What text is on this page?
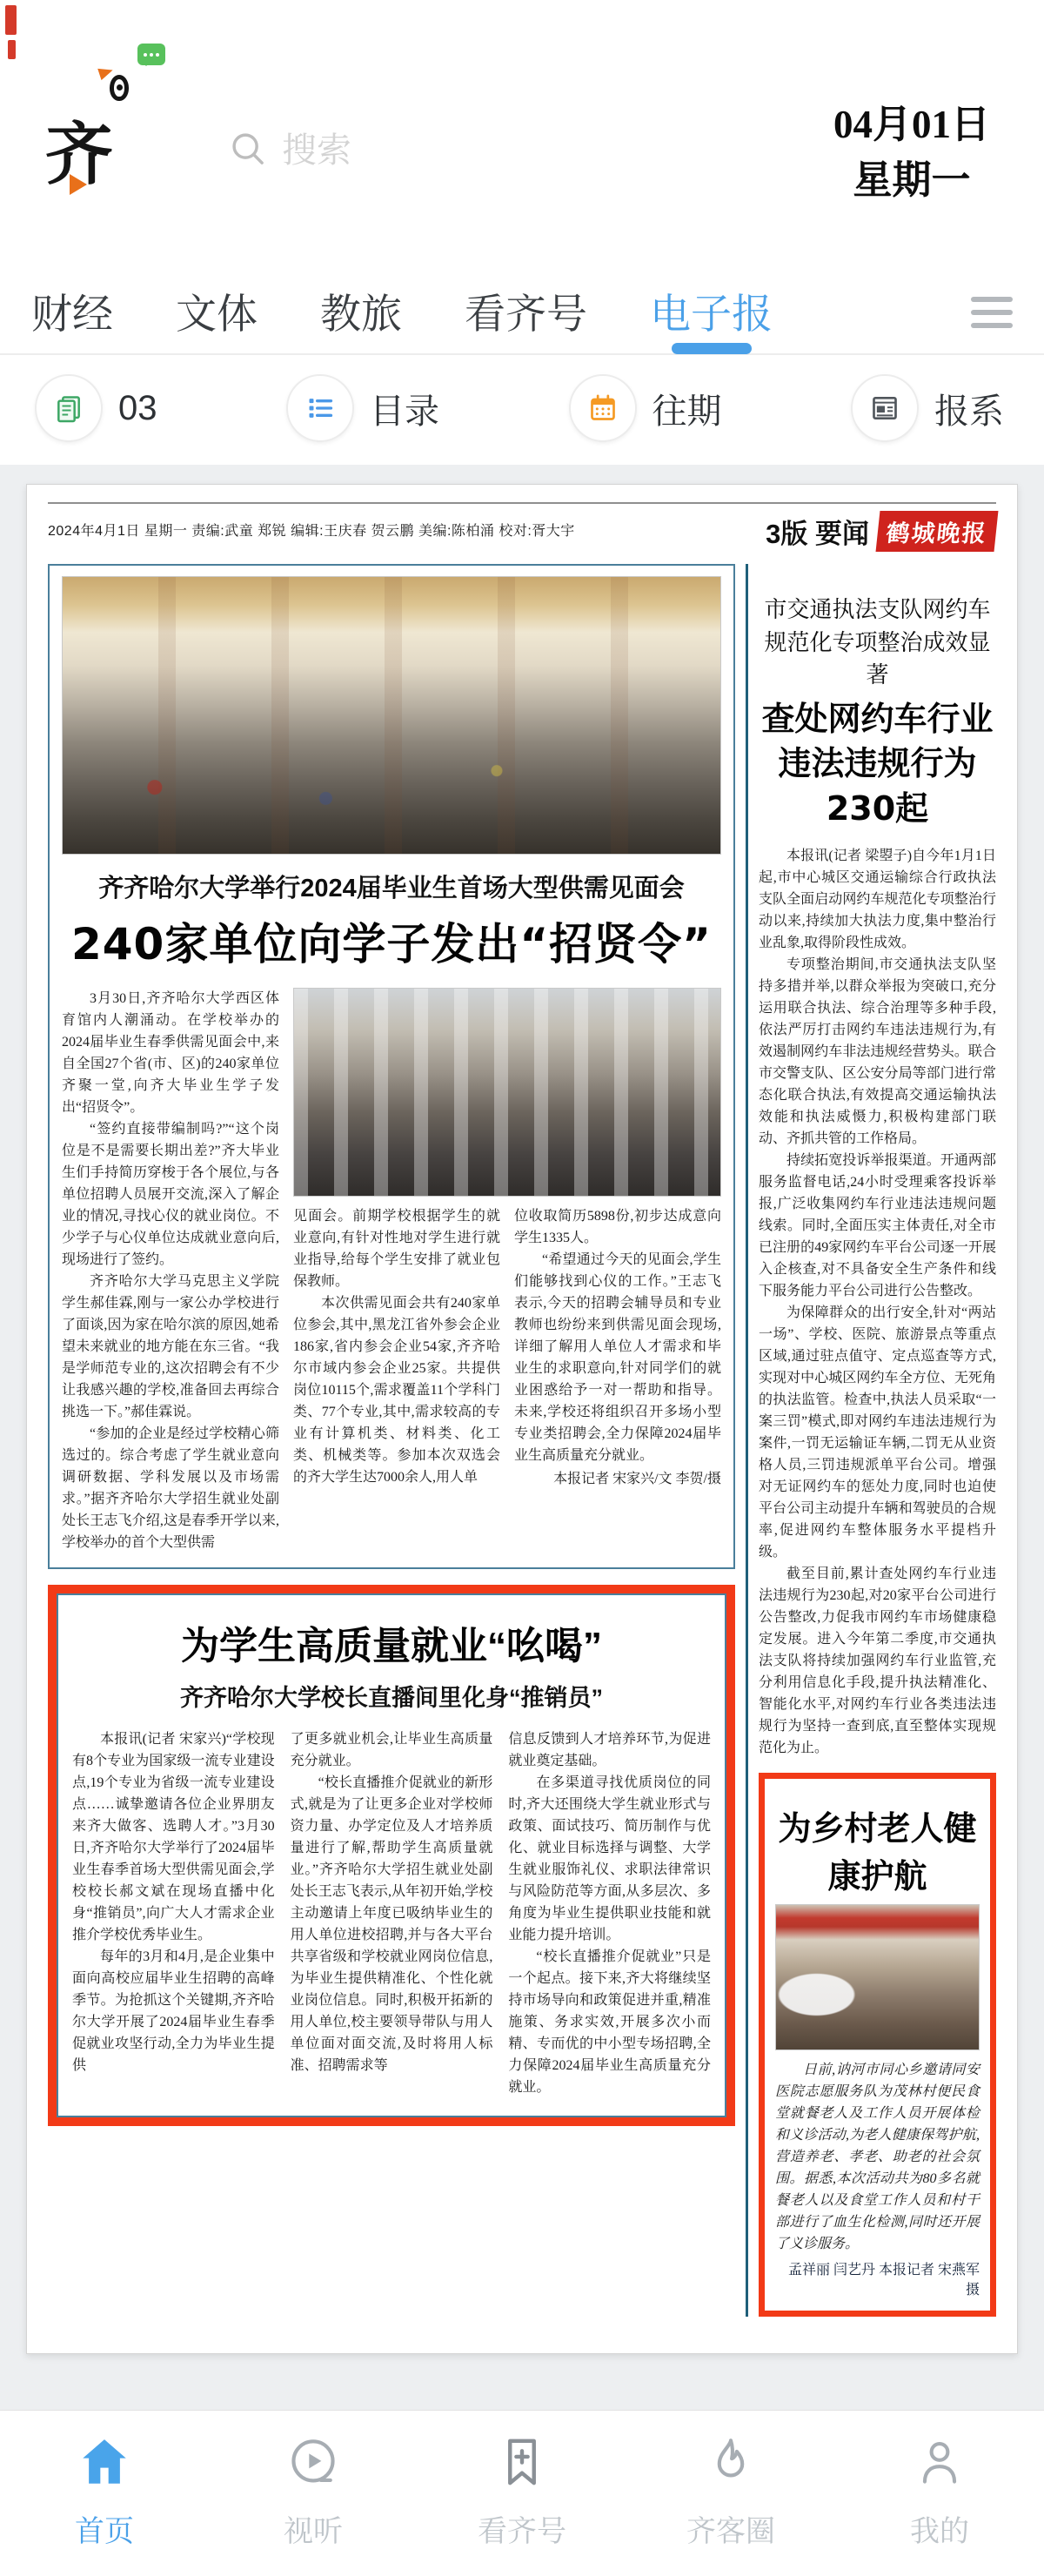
齐
搜索	04月01日
星期一
财经 文体 教旅 看齐号 电子报
03	目录	往期	报系
2024年4月1日 星期一 责编:武童 郑锐 编辑:王庆春 贺云鹏 美编:陈柏涌 校对:胥大宇	3版 要闻 鹤城晚报
齐齐哈尔大学举行2024届毕业生首场大型供需见面会
240家单位向学子发出“招贤令”

3月30日,齐齐哈尔大学西区体育馆内人潮涌动。在学校举办的2024届毕业生春季供需见面会中,来自全国27个省(市、区)的240家单位齐聚一堂,向齐大毕业生学子发出“招贤令”。

“签约直接带编制吗?”“这个岗位是不是需要长期出差?”齐大毕业生们手持简历穿梭于各个展位,与各单位招聘人员展开交流,深入了解企业的情况,寻找心仪的就业岗位。不少学子与心仪单位达成就业意向后,现场进行了签约。

齐齐哈尔大学马克思主义学院学生郝佳霖,刚与一家公办学校进行了面谈,因为家在哈尔滨的原因,她希望未来就业的地方能在东三省。“我是学师范专业的,这次招聘会有不少让我感兴趣的学校,准备回去再综合挑选一下。”郝佳霖说。

“参加的企业是经过学校精心筛选过的。综合考虑了学生就业意向调研数据、学科发展以及市场需求。”据齐齐哈尔大学招生就业处副处长王志飞介绍,这是春季开学以来,学校举办的首个大型供需

见面会。前期学校根据学生的就业意向,有针对性地对学生进行就业指导,给每个学生安排了就业包保教师。

本次供需见面会共有240家单位参会,其中,黑龙江省外参会企业186家,省内参会企业54家,齐齐哈尔市域内参会企业25家。共提供岗位10115个,需求覆盖11个学科门类、77个专业,其中,需求较高的专业有计算机类、材料类、化工类、机械类等。参加本次双选会的齐大学生达7000余人,用人单

位收取简历5898份,初步达成意向学生1335人。

“希望通过今天的见面会,学生们能够找到心仪的工作。”王志飞表示,今天的招聘会辅导员和专业教师也纷纷来到供需见面会现场,详细了解用人单位人才需求和毕业生的求职意向,针对同学们的就业困惑给予一对一帮助和指导。未来,学校还将组织召开多场小型专业类招聘会,全力保障2024届毕业生高质量充分就业。

本报记者 宋家兴/文 李贺/摄
为学生高质量就业“吆喝”
齐齐哈尔大学校长直播间里化身“推销员”

本报讯(记者 宋家兴)“学校现有8个专业为国家级一流专业建设点,19个专业为省级一流专业建设点……诚挚邀请各位企业界朋友来齐大做客、选聘人才。”3月30日,齐齐哈尔大学举行了2024届毕业生春季首场大型供需见面会,学校校长郝文斌在现场直播中化身“推销员”,向广大人才需求企业推介学校优秀毕业生。

每年的3月和4月,是企业集中面向高校应届毕业生招聘的高峰季节。为抢抓这个关键期,齐齐哈尔大学开展了2024届毕业生春季促就业攻坚行动,全力为毕业生提供

了更多就业机会,让毕业生高质量充分就业。

“校长直播推介促就业的新形式,就是为了让更多企业对学校师资力量、办学定位及人才培养质量进行了解,帮助学生高质量就业。”齐齐哈尔大学招生就业处副处长王志飞表示,从年初开始,学校主动邀请上年度已吸纳毕业生的用人单位进校招聘,并与各大平台共享省级和学校就业网岗位信息,为毕业生提供精准化、个性化就业岗位信息。同时,积极开拓新的用人单位,校主要领导带队与用人单位面对面交流,及时将用人标准、招聘需求等

信息反馈到人才培养环节,为促进就业奠定基础。

在多渠道寻找优质岗位的同时,齐大还围绕大学生就业形式与政策、面试技巧、简历制作与优化、就业目标选择与调整、大学生就业服饰礼仪、求职法律常识与风险防范等方面,从多层次、多角度为毕业生提供职业技能和就业能力提升培训。

“校长直播推介促就业”只是一个起点。接下来,齐大将继续坚持市场导向和政策促进并重,精准施策、务求实效,开展多次小而精、专而优的中小型专场招聘,全力保障2024届毕业生高质量充分就业。

市交通执法支队网约车
规范化专项整治成效显著
查处网约车行业
违法违规行为230起

本报讯(记者 梁曌子)自今年1月1日起,市中心城区交通运输综合行政执法支队全面启动网约车规范化专项整治行动以来,持续加大执法力度,集中整治行业乱象,取得阶段性成效。

专项整治期间,市交通执法支队坚持多措并举,以群众举报为突破口,充分运用联合执法、综合治理等多种手段,依法严厉打击网约车违法违规行为,有效遏制网约车非法违规经营势头。联合市交警支队、区公安分局等部门进行常态化联合执法,有效提高交通运输执法效能和执法威慑力,积极构建部门联动、齐抓共管的工作格局。

持续拓宽投诉举报渠道。开通两部服务监督电话,24小时受理乘客投诉举报,广泛收集网约车行业违法违规问题线索。同时,全面压实主体责任,对全市已注册的49家网约车平台公司逐一开展入企核查,对不具备安全生产条件和线下服务能力平台公司进行公告整改。

为保障群众的出行安全,针对“两站一场”、学校、医院、旅游景点等重点区域,通过驻点值守、定点巡查等方式,实现对中心城区网约车全方位、无死角的执法监管。检查中,执法人员采取“一案三罚”模式,即对网约车违法违规行为案件,一罚无运输证车辆,二罚无从业资格人员,三罚违规派单平台公司。增强对无证网约车的惩处力度,同时也迫使平台公司主动提升车辆和驾驶员的合规率,促进网约车整体服务水平提档升级。

截至目前,累计查处网约车行业违法违规行为230起,对20家平台公司进行公告整改,力促我市网约车市场健康稳定发展。进入今年第二季度,市交通执法支队将持续加强网约车行业监管,充分利用信息化手段,提升执法精准化、智能化水平,对网约车行业各类违法违规行为坚持一查到底,直至整体实现规范化为止。

为乡村老人健康护航

日前,讷河市同心乡邀请同安医院志愿服务队为茂林村便民食堂就餐老人及工作人员开展体检和义诊活动,为老人健康保驾护航,营造养老、孝老、助老的社会氛围。据悉,本次活动共为80多名就餐老人以及食堂工作人员和村干部进行了血生化检测,同时还开展了义诊服务。

孟祥丽 闫艺丹 本报记者 宋燕军 摄
首页	视听	看齐号	齐客圈	我的
